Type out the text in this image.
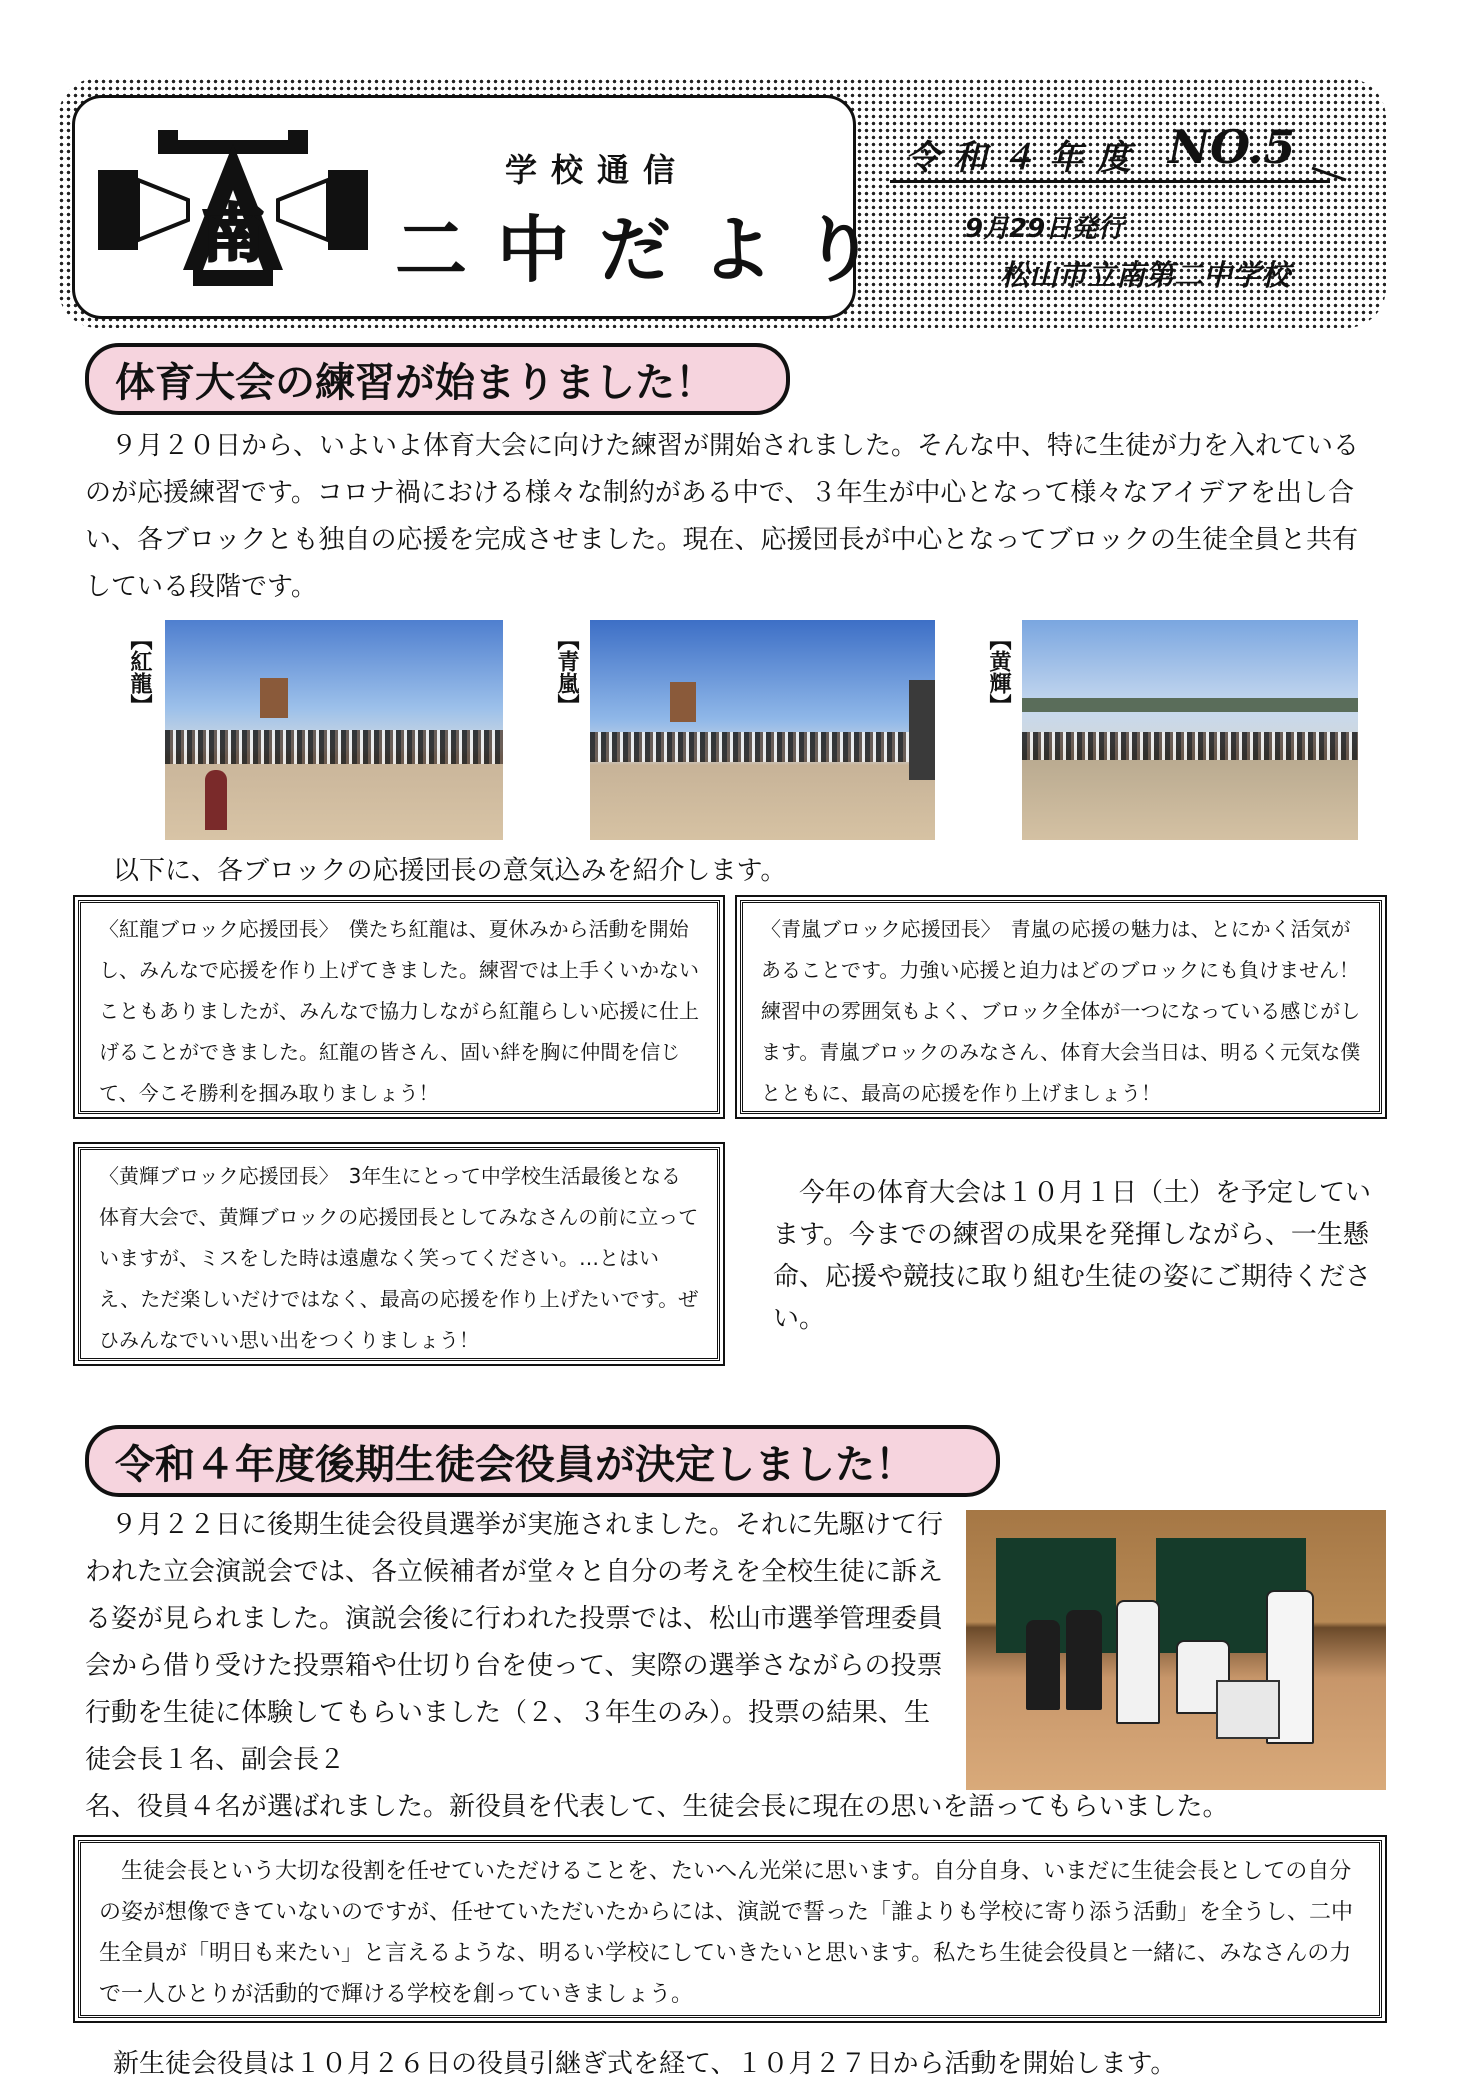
南
学校通信
二中だより
令和４年度 NO.5
9月29日発行
松山市立南第二中学校
体育大会の練習が始まりました！
　９月２０日から、いよいよ体育大会に向けた練習が開始されました。そんな中、特に生徒が力を入れているのが応援練習です。コロナ禍における様々な制約がある中で、３年生が中心となって様々なアイデアを出し合い、各ブロックとも独自の応援を完成させました。現在、応援団長が中心となってブロックの生徒全員と共有している段階です。
【紅龍】	【青嵐】	【黄輝】
以下に、各ブロックの応援団長の意気込みを紹介します。
〈紅龍ブロック応援団長〉　僕たち紅龍は、夏休みから活動を開始し、みんなで応援を作り上げてきました。練習では上手くいかないこともありましたが、みんなで協力しながら紅龍らしい応援に仕上げることができました。紅龍の皆さん、固い絆を胸に仲間を信じて、今こそ勝利を掴み取りましょう！
〈青嵐ブロック応援団長〉　青嵐の応援の魅力は、とにかく活気があることです。力強い応援と迫力はどのブロックにも負けません！練習中の雰囲気もよく、ブロック全体が一つになっている感じがします。青嵐ブロックのみなさん、体育大会当日は、明るく元気な僕とともに、最高の応援を作り上げましょう！
〈黄輝ブロック応援団長〉　3年生にとって中学校生活最後となる体育大会で、黄輝ブロックの応援団長としてみなさんの前に立っていますが、ミスをした時は遠慮なく笑ってください。…とはいえ、ただ楽しいだけではなく、最高の応援を作り上げたいです。ぜひみんなでいい思い出をつくりましょう！
　今年の体育大会は１０月１日（土）を予定しています。今までの練習の成果を発揮しながら、一生懸命、応援や競技に取り組む生徒の姿にご期待ください。
令和４年度後期生徒会役員が決定しました！
　９月２２日に後期生徒会役員選挙が実施されました。それに先駆けて行われた立会演説会では、各立候補者が堂々と自分の考えを全校生徒に訴える姿が見られました。演説会後に行われた投票では、松山市選挙管理委員会から借り受けた投票箱や仕切り台を使って、実際の選挙さながらの投票行動を生徒に体験してもらいました（２、３年生のみ）。投票の結果、生徒会長１名、副会長２
名、役員４名が選ばれました。新役員を代表して、生徒会長に現在の思いを語ってもらいました。
　生徒会長という大切な役割を任せていただけることを、たいへん光栄に思います。自分自身、いまだに生徒会長としての自分の姿が想像できていないのですが、任せていただいたからには、演説で誓った「誰よりも学校に寄り添う活動」を全うし、二中生全員が「明日も来たい」と言えるような、明るい学校にしていきたいと思います。私たち生徒会役員と一緒に、みなさんの力で一人ひとりが活動的で輝ける学校を創っていきましょう。
新生徒会役員は１０月２６日の役員引継ぎ式を経て、１０月２７日から活動を開始します。
